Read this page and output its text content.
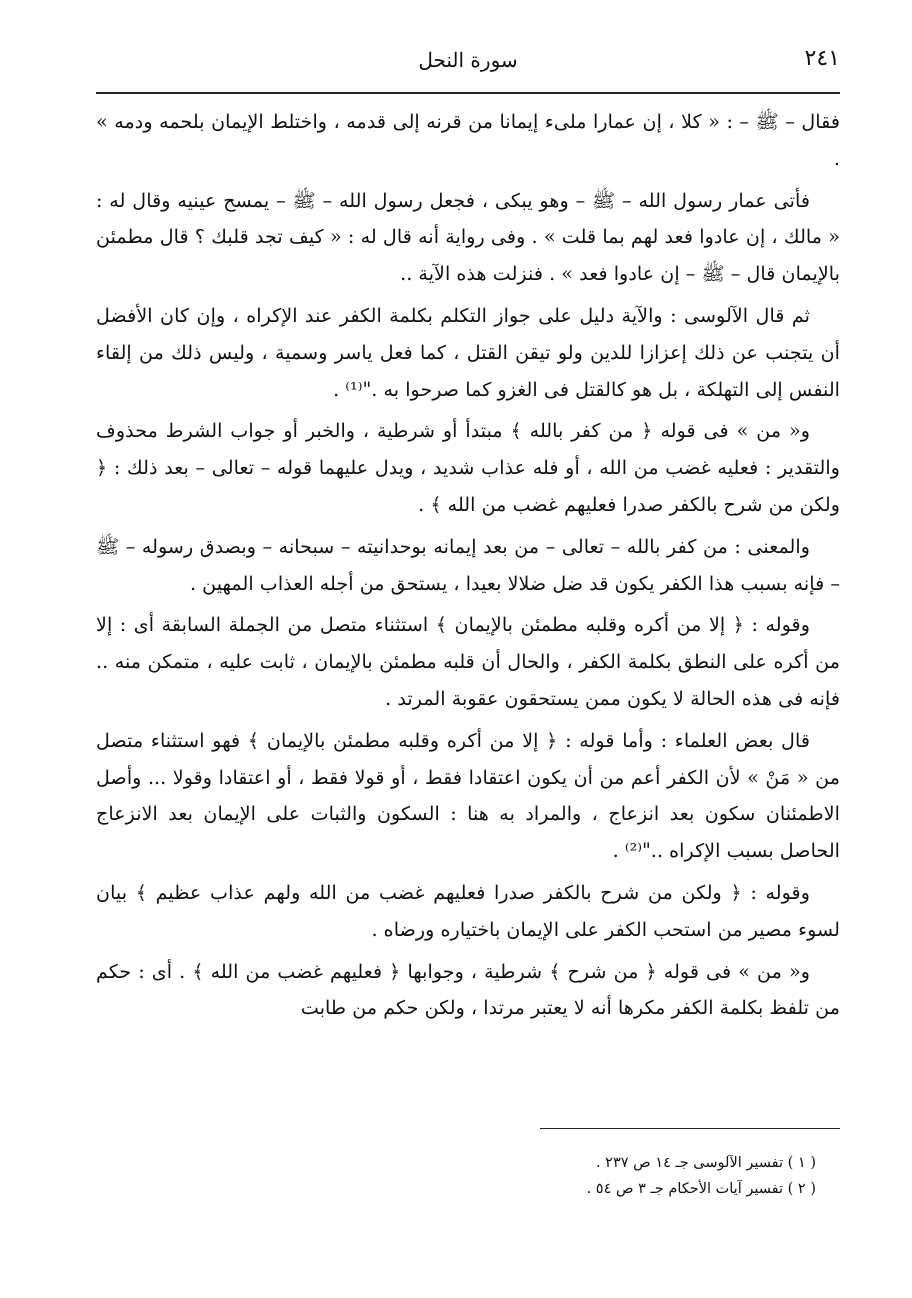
٢٤١
سورة النحل

فقال – ﷺ – : « كلا ، إن عمارا ملىء إيمانا من قرنه إلى قدمه ، واختلط الإيمان بلحمه ودمه » .

فأتى عمار رسول الله – ﷺ – وهو يبكى ، فجعل رسول الله – ﷺ – يمسح عينيه وقال له : « مالك ، إن عادوا فعد لهم بما قلت » . وفى رواية أنه قال له : « كيف تجد قلبك ؟ قال مطمئن بالإيمان قال – ﷺ – إن عادوا فعد » . فنزلت هذه الآية ..

ثم قال الآلوسى : والآية دليل على جواز التكلم بكلمة الكفر عند الإكراه ، وإن كان الأفضل أن يتجنب عن ذلك إعزازا للدين ولو تيقن القتل ، كما فعل ياسر وسمية ، وليس ذلك من إلقاء النفس إلى التهلكة ، بل هو كالقتل فى الغزو كما صرحوا به ."⁽¹⁾ .

و« من » فى قوله ﴿ من كفر بالله ﴾ مبتدأ أو شرطية ، والخبر أو جواب الشرط محذوف والتقدير : فعليه غضب من الله ، أو فله عذاب شديد ، ويدل عليهما قوله – تعالى – بعد ذلك : ﴿ ولكن من شرح بالكفر صدرا فعليهم غضب من الله ﴾ .

والمعنى : من كفر بالله – تعالى – من بعد إيمانه بوحدانيته – سبحانه – وبصدق رسوله – ﷺ – فإنه بسبب هذا الكفر يكون قد ضل ضلالا بعيدا ، يستحق من أجله العذاب المهين .

وقوله : ﴿ إلا من أكره وقلبه مطمئن بالإيمان ﴾ استثناء متصل من الجملة السابقة أى : إلا من أكره على النطق بكلمة الكفر ، والحال أن قلبه مطمئن بالإيمان ، ثابت عليه ، متمكن منه .. فإنه فى هذه الحالة لا يكون ممن يستحقون عقوبة المرتد .

قال بعض العلماء : وأما قوله : ﴿ إلا من أكره وقلبه مطمئن بالإيمان ﴾ فهو استثناء متصل من « مَنْ » لأن الكفر أعم من أن يكون اعتقادا فقط ، أو قولا فقط ، أو اعتقادا وقولا ... وأصل الاطمئنان سكون بعد انزعاج ، والمراد به هنا : السكون والثبات على الإيمان بعد الانزعاج الحاصل بسبب الإكراه .."⁽²⁾ .

وقوله : ﴿ ولكن من شرح بالكفر صدرا فعليهم غضب من الله ولهم عذاب عظيم ﴾ بيان لسوء مصير من استحب الكفر على الإيمان باختياره ورضاه .

و« من » فى قوله ﴿ من شرح ﴾ شرطية ، وجوابها ﴿ فعليهم غضب من الله ﴾ . أى : حكم من تلفظ بكلمة الكفر مكرها أنه لا يعتبر مرتدا ، ولكن حكم من طابت

( ١ ) تفسير الآلوسى جـ ١٤ ص ٢٣٧ .
( ٢ ) تفسير آيات الأحكام جـ ٣ ص ٥٤ .
